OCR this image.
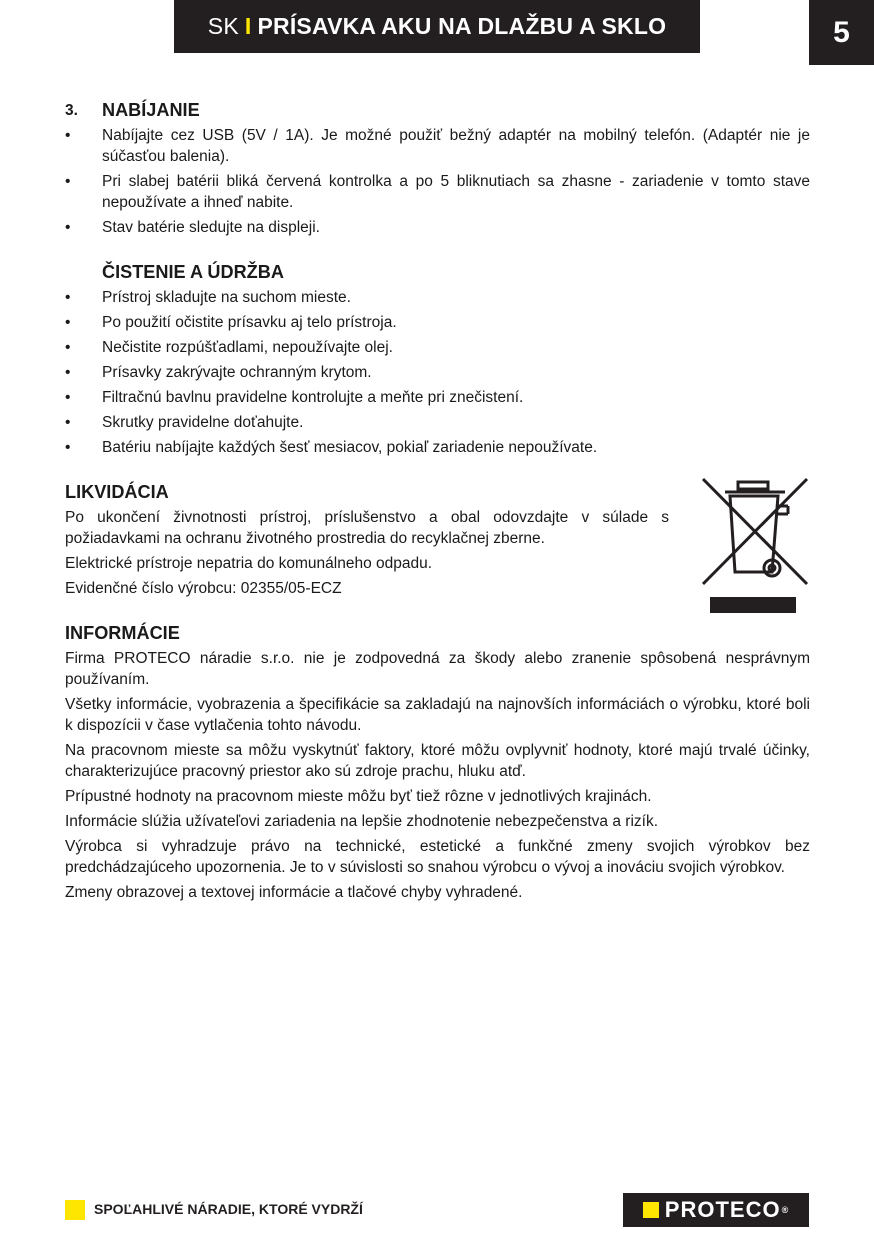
SK I PRÍSAVKA AKU NA DLAŽBU A SKLO	5
3. NABÍJANIE
• Nabíjajte cez USB (5V / 1A). Je možné použiť bežný adaptér na mobilný telefón. (Adaptér nie je súčasťou balenia).
• Pri slabej batérii bliká červená kontrolka a po 5 bliknutiach sa zhasne - zariadenie v tomto stave nepoužívate a ihneď nabite.
• Stav batérie sledujte na displeji.
ČISTENIE A ÚDRŽBA
• Prístroj skladujte na suchom mieste.
• Po použití očistite prísavku aj telo prístroja.
• Nečistite rozpúšťadlami, nepoužívajte olej.
• Prísavky zakrývajte ochranným krytom.
• Filtračnú bavlnu pravidelne kontrolujte a meňte pri znečistení.
• Skrutky pravidelne doťahujte.
• Batériu nabíjajte každých šesť mesiacov, pokiaľ zariadenie nepoužívate.
LIKVIDÁCIA

Po ukončení živnotnosti prístroj, príslušenstvo a obal odovzdajte v súlade s požiadavkami na ochranu životného prostredia do recyklačnej zberne.

Elektrické prístroje nepatria do komunálneho odpadu.

Evidenčné číslo výrobcu: 02355/05-ECZ

INFORMÁCIE

Firma PROTECO náradie s.r.o. nie je zodpovedná za škody alebo zranenie spôsobená nesprávnym používaním.

Všetky informácie, vyobrazenia a špecifikácie sa zakladajú na najnovších informáciách o výrobku, ktoré boli k dispozícii v čase vytlačenia tohto návodu.

Na pracovnom mieste sa môžu vyskytnúť faktory, ktoré môžu ovplyvniť hodnoty, ktoré majú trvalé účinky, charakterizujúce pracovný priestor ako sú zdroje prachu, hluku atď.

Prípustné hodnoty na pracovnom mieste môžu byť tiež rôzne v jednotlivých krajinách.

Informácie slúžia užívateľovi zariadenia na lepšie zhodnotenie nebezpečenstva a rizík.

Výrobca si vyhradzuje právo na technické, estetické a funkčné zmeny svojich výrobkov bez predchádzajúceho upozornenia. Je to v súvislosti so snahou výrobcu o vývoj a inováciu svojich výrobkov.

Zmeny obrazovej a textovej informácie a tlačové chyby vyhradené.

SPOĽAHLIVÉ NÁRADIE, KTORÉ VYDRŽÍ	PROTECO ®
